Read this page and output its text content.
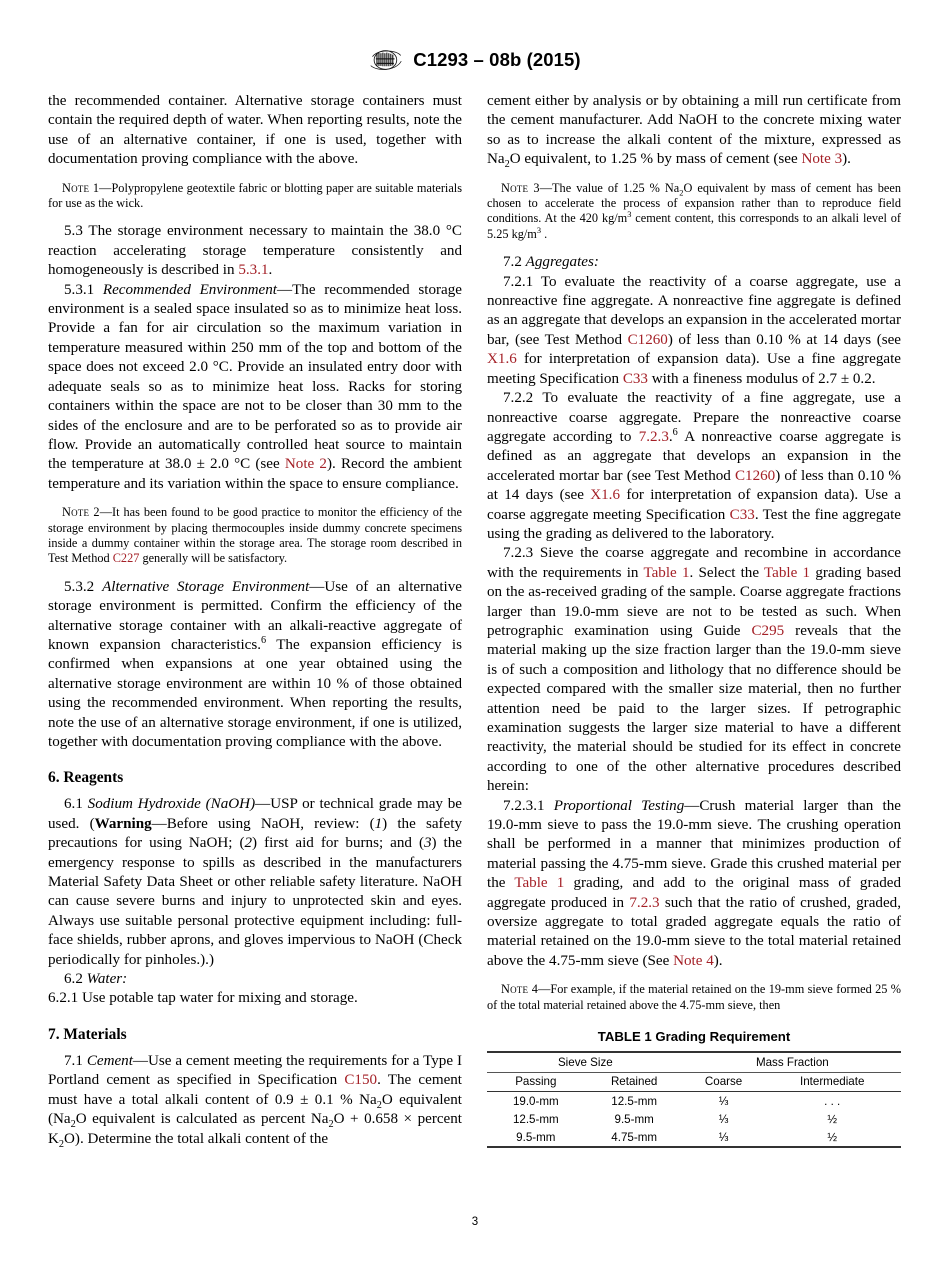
C1293 – 08b (2015)

the recommended container. Alternative storage containers must contain the required depth of water. When reporting results, note the use of an alternative container, if one is used, together with documentation proving compliance with the above.

Note 1—Polypropylene geotextile fabric or blotting paper are suitable materials for use as the wick.

5.3 The storage environment necessary to maintain the 38.0 °C reaction accelerating storage temperature consistently and homogeneously is described in 5.3.1.

5.3.1 Recommended Environment—The recommended storage environment is a sealed space insulated so as to minimize heat loss. Provide a fan for air circulation so the maximum variation in temperature measured within 250 mm of the top and bottom of the space does not exceed 2.0 °C. Provide an insulated entry door with adequate seals so as to minimize heat loss. Racks for storing containers within the space are not to be closer than 30 mm to the sides of the enclosure and are to be perforated so as to provide air flow. Provide an automatically controlled heat source to maintain the temperature at 38.0 ± 2.0 °C (see Note 2). Record the ambient temperature and its variation within the space to ensure compliance.

Note 2—It has been found to be good practice to monitor the efficiency of the storage environment by placing thermocouples inside dummy concrete specimens inside a dummy container within the storage area. The storage room described in Test Method C227 generally will be satisfactory.

5.3.2 Alternative Storage Environment—Use of an alternative storage environment is permitted. Confirm the efficiency of the alternative storage container with an alkali-reactive aggregate of known expansion characteristics.$^6$ The expansion efficiency is confirmed when expansions at one year obtained using the alternative storage environment are within 10 % of those obtained using the recommended environment. When reporting the results, note the use of an alternative storage environment, if one is utilized, together with documentation proving compliance with the above.

6. Reagents

6.1 Sodium Hydroxide (NaOH)—USP or technical grade may be used. (Warning—Before using NaOH, review: (1) the safety precautions for using NaOH; (2) first aid for burns; and (3) the emergency response to spills as described in the manufacturers Material Safety Data Sheet or other reliable safety literature. NaOH can cause severe burns and injury to unprotected skin and eyes. Always use suitable personal protective equipment including: full-face shields, rubber aprons, and gloves impervious to NaOH (Check periodically for pinholes.).)

6.2 Water:

6.2.1 Use potable tap water for mixing and storage.

7. Materials

7.1 Cement—Use a cement meeting the requirements for a Type I Portland cement as specified in Specification C150. The cement must have a total alkali content of 0.9 ± 0.1 % $Na_2O$ equivalent ($Na_2O$ equivalent is calculated as percent $Na_2O + 0.658$ × percent $K_2O$). Determine the total alkali content of the

cement either by analysis or by obtaining a mill run certificate from the cement manufacturer. Add NaOH to the concrete mixing water so as to increase the alkali content of the mixture, expressed as $Na_2O$ equivalent, to 1.25 % by mass of cement (see Note 3).

Note 3—The value of 1.25 % $Na_2O$ equivalent by mass of cement has been chosen to accelerate the process of expansion rather than to reproduce field conditions. At the 420 $kg/m^3$ cement content, this corresponds to an alkali level of 5.25 $kg/m^3$ .

7.2 Aggregates:

7.2.1 To evaluate the reactivity of a coarse aggregate, use a nonreactive fine aggregate. A nonreactive fine aggregate is defined as an aggregate that develops an expansion in the accelerated mortar bar, (see Test Method C1260) of less than 0.10 % at 14 days (see X1.6 for interpretation of expansion data). Use a fine aggregate meeting Specification C33 with a fineness modulus of 2.7 ± 0.2.

7.2.2 To evaluate the reactivity of a fine aggregate, use a nonreactive coarse aggregate. Prepare the nonreactive coarse aggregate according to 7.2.3.$^6$ A nonreactive coarse aggregate is defined as an aggregate that develops an expansion in the accelerated mortar bar (see Test Method C1260) of less than 0.10 % at 14 days (see X1.6 for interpretation of expansion data). Use a coarse aggregate meeting Specification C33. Test the fine aggregate using the grading as delivered to the laboratory.

7.2.3 Sieve the coarse aggregate and recombine in accordance with the requirements in Table 1. Select the Table 1 grading based on the as-received grading of the sample. Coarse aggregate fractions larger than 19.0-mm sieve are not to be tested as such. When petrographic examination using Guide C295 reveals that the material making up the size fraction larger than the 19.0-mm sieve is of such a composition and lithology that no difference should be expected compared with the smaller size material, then no further attention need be paid to the larger sizes. If petrographic examination suggests the larger size material to have a different reactivity, the material should be studied for its effect in concrete according to one of the other alternative procedures described herein:

7.2.3.1 Proportional Testing—Crush material larger than the 19.0-mm sieve to pass the 19.0-mm sieve. The crushing operation shall be performed in a manner that minimizes production of material passing the 4.75-mm sieve. Grade this crushed material per the Table 1 grading, and add to the original mass of graded aggregate produced in 7.2.3 such that the ratio of crushed, graded, oversize aggregate to total graded aggregate equals the ratio of material retained on the 19.0-mm sieve to the total material retained above the 4.75-mm sieve (See Note 4).

Note 4—For example, if the material retained on the 19-mm sieve formed 25 % of the total material retained above the 4.75-mm sieve, then

TABLE 1 Grading Requirement
Sieve Size		Mass Fraction	
Passing	Retained	Coarse	Intermediate
19.0-mm	12.5-mm	⅓	. . .
12.5-mm	9.5-mm	⅓	½
9.5-mm	4.75-mm	⅓	½
3
